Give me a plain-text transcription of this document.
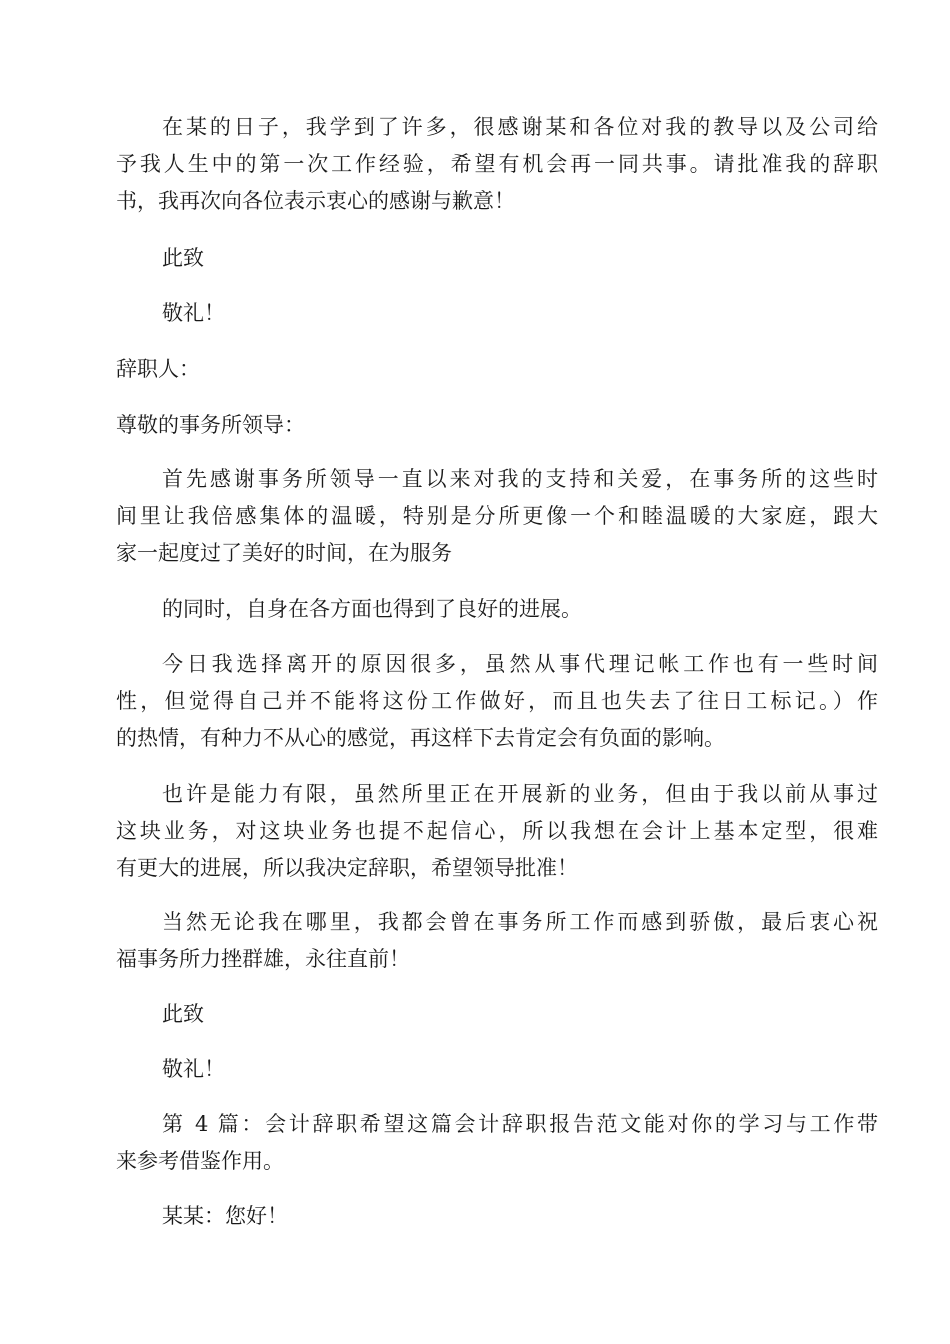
在某的日子，我学到了许多，很感谢某和各位对我的教导以及公司给
予我人生中的第一次工作经验，希望有机会再一同共事。请批准我的辞职
书，我再次向各位表示衷心的感谢与歉意！

此致

敬礼！

辞职人：

尊敬的事务所领导：

首先感谢事务所领导一直以来对我的支持和关爱，在事务所的这些时
间里让我倍感集体的温暖，特别是分所更像一个和睦温暖的大家庭，跟大
家一起度过了美好的时间，在为服务

的同时，自身在各方面也得到了良好的进展。

今日我选择离开的原因很多，虽然从事代理记帐工作也有一些时间
性，但觉得自己并不能将这份工作做好，而且也失去了往日工标记。）作
的热情，有种力不从心的感觉，再这样下去肯定会有负面的影响。

也许是能力有限，虽然所里正在开展新的业务，但由于我以前从事过
这块业务，对这块业务也提不起信心，所以我想在会计上基本定型，很难
有更大的进展，所以我决定辞职，希望领导批准！

当然无论我在哪里，我都会曾在事务所工作而感到骄傲，最后衷心祝
福事务所力挫群雄，永往直前！

此致

敬礼！

第 4 篇：会计辞职希望这篇会计辞职报告范文能对你的学习与工作带
来参考借鉴作用。

某某：您好！
